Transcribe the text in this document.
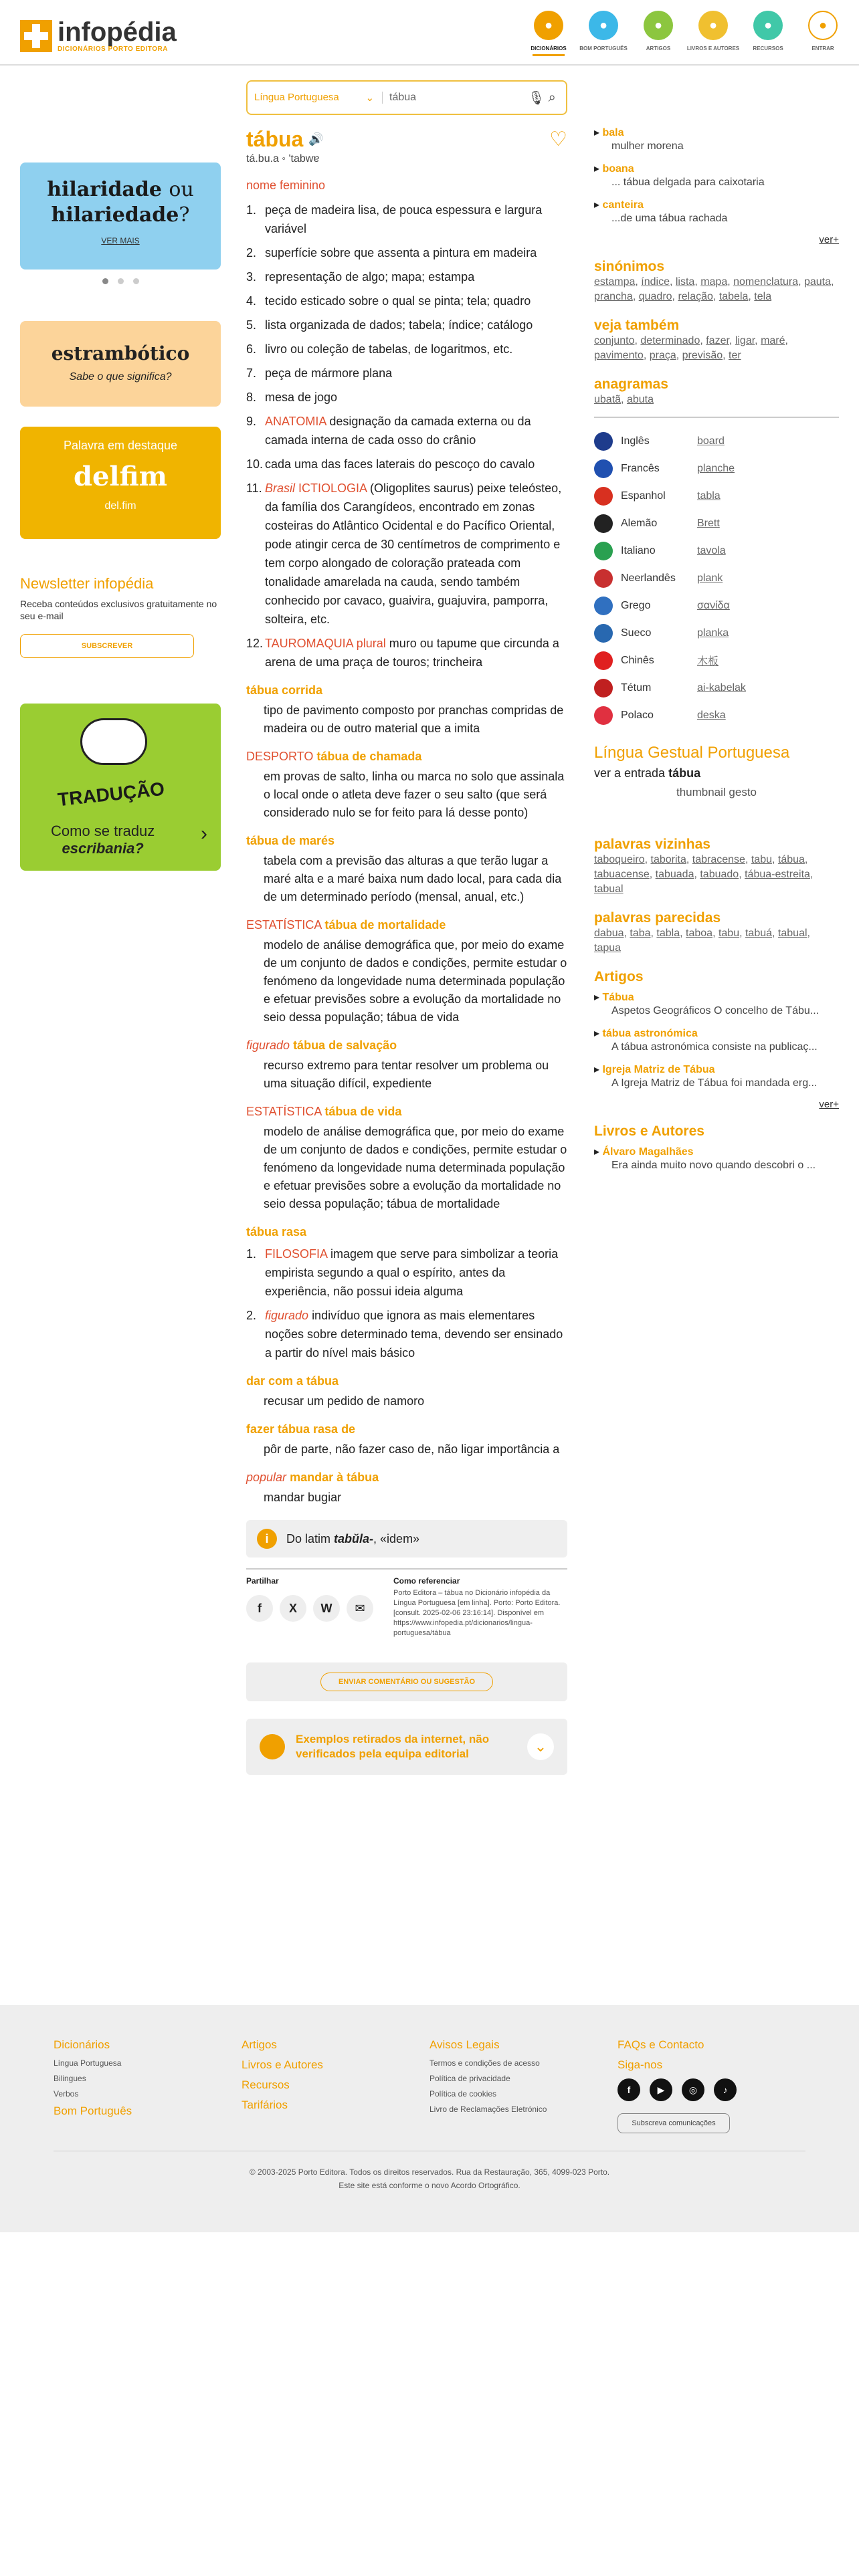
infopédia
DICIONÁRIOS PORTO EDITORA
●
DICIONÁRIOS
●
BOM PORTUGUÊS
●
ARTIGOS
●
LIVROS E AUTORES
●
RECURSOS
●
ENTRAR
hilaridade ou
hilariedade?
VER MAIS
estrambótico
Sabe o que significa?
Palavra em destaque
delfim
del.fim
Newsletter infopédia

Receba conteúdos exclusivos gratuitamente no seu e-mail

SUBSCREVER
TRADUÇÃO
Como se traduz
escribania?
›
Língua Portuguesa	⌄
tábua	🎙 ⌕
tábua 🔊	♡
tá.bu.a ◦ 'tabwɐ
nome feminino
1. peça de madeira lisa, de pouca espessura e largura variável
2. superfície sobre que assenta a pintura em madeira
3. representação de algo; mapa; estampa
4. tecido esticado sobre o qual se pinta; tela; quadro
5. lista organizada de dados; tabela; índice; catálogo
6. livro ou coleção de tabelas, de logaritmos, etc.
7. peça de mármore plana
8. mesa de jogo
9. ANATOMIA designação da camada externa ou da camada interna de cada osso do crânio
10. cada uma das faces laterais do pescoço do cavalo
11. Brasil ICTIOLOGIA (Oligoplites saurus) peixe teleósteo, da família dos Carangídeos, encontrado em zonas costeiras do Atlântico Ocidental e do Pacífico Oriental, pode atingir cerca de 30 centímetros de comprimento e tem corpo alongado de coloração prateada com tonalidade amarelada na cauda, sendo também conhecido por cavaco, guaivira, guajuvira, pamporra, solteira, etc.
12. TAUROMAQUIA plural muro ou tapume que circunda a arena de uma praça de touros; trincheira
tábua corrida
tipo de pavimento composto por pranchas compridas de madeira ou de outro material que a imita
DESPORTO tábua de chamada
em provas de salto, linha ou marca no solo que assinala o local onde o atleta deve fazer o seu salto (que será considerado nulo se for feito para lá desse ponto)
tábua de marés
tabela com a previsão das alturas a que terão lugar a maré alta e a maré baixa num dado local, para cada dia de um determinado período (mensal, anual, etc.)
ESTATÍSTICA tábua de mortalidade
modelo de análise demográfica que, por meio do exame de um conjunto de dados e condições, permite estudar o fenómeno da longevidade numa determinada população e efetuar previsões sobre a evolução da mortalidade no seio dessa população; tábua de vida
figurado tábua de salvação
recurso extremo para tentar resolver um problema ou uma situação difícil, expediente
ESTATÍSTICA tábua de vida
modelo de análise demográfica que, por meio do exame de um conjunto de dados e condições, permite estudar o fenómeno da longevidade numa determinada população e efetuar previsões sobre a evolução da mortalidade no seio dessa população; tábua de mortalidade
tábua rasa
1. FILOSOFIA imagem que serve para simbolizar a teoria empirista segundo a qual o espírito, antes da experiência, não possui ideia alguma
2. figurado indivíduo que ignora as mais elementares noções sobre determinado tema, devendo ser ensinado a partir do nível mais básico
dar com a tábua
recusar um pedido de namoro
fazer tábua rasa de
pôr de parte, não fazer caso de, não ligar importância a
popular mandar à tábua
mandar bugiar
i	Do latim tabŭla-, «idem»
Partilhar
f	X	W	✉
Como referenciar
Porto Editora – tábua no Dicionário infopédia da Língua Portuguesa [em linha]. Porto: Porto Editora. [consult. 2025-02-06 23:16:14]. Disponível em https://www.infopedia.pt/dicionarios/lingua-portuguesa/tábua
ENVIAR COMENTÁRIO OU SUGESTÃO
Exemplos retirados da internet, não verificados pela equipa editorial	⌄
▸ bala
mulher morena
▸ boana
... tábua delgada para caixotaria
▸ canteira
...de uma tábua rachada
ver+
sinónimos
estampa, índice, lista, mapa, nomenclatura, pauta, prancha, quadro, relação, tabela, tela
veja também
conjunto, determinado, fazer, ligar, maré, pavimento, praça, previsão, ter
anagramas
ubatã, abuta
Inglês	board
Francês	planche
Espanhol	tabla
Alemão	Brett
Italiano	tavola
Neerlandês	plank
Grego	σανίδα
Sueco	planka
Chinês	木板
Tétum	ai-kabelak
Polaco	deska
Língua Gestual Portuguesa
ver a entrada tábua
thumbnail gesto
palavras vizinhas
taboqueiro, taborita, tabracense, tabu, tábua, tabuacense, tabuada, tabuado, tábua-estreita, tabual
palavras parecidas
dabua, taba, tabla, taboa, tabu, tabuá, tabual, tapua
Artigos
▸ Tábua
Aspetos Geográficos O concelho de Tábu...
▸ tábua astronómica
A tábua astronómica consiste na publicaç...
▸ Igreja Matriz de Tábua
A Igreja Matriz de Tábua foi mandada erg...
ver+
Livros e Autores
▸ Álvaro Magalhães
Era ainda muito novo quando descobri o ...
Dicionários
Língua Portuguesa
Bilingues
Verbos
Bom Português
Artigos
Livros e Autores
Recursos
Tarifários
Avisos Legais
Termos e condições de acesso
Política de privacidade
Política de cookies
Livro de Reclamações Eletrónico
FAQs e Contacto
Siga-nos
f	▶	◎	♪
Subscreva comunicações
© 2003-2025 Porto Editora. Todos os direitos reservados. Rua da Restauração, 365, 4099-023 Porto.
Este site está conforme o novo Acordo Ortográfico.
